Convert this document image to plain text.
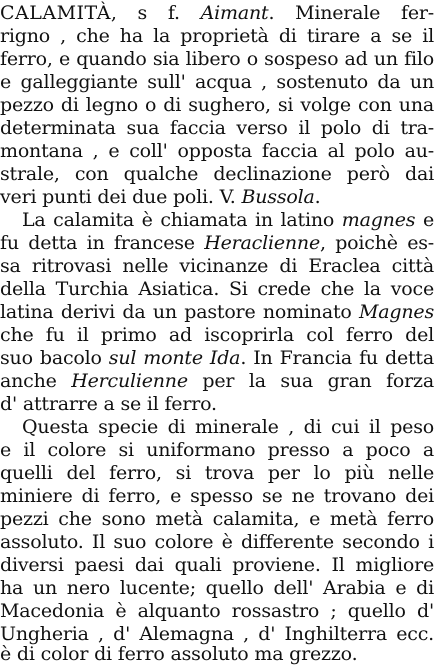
CALAMITÀ, s f. Aimant. Minerale fer-
rigno , che ha la proprietà di tirare a se il
ferro, e quando sia libero o sospeso ad un filo
e galleggiante sull' acqua , sostenuto da un
pezzo di legno o di sughero, si volge con una
determinata sua faccia verso il polo di tra-
montana , e coll' opposta faccia al polo au-
strale, con qualche declinazione però dai
veri punti dei due poli. V. Bussola.
La calamita è chiamata in latino magnes e
fu detta in francese Heraclienne, poichè es-
sa ritrovasi nelle vicinanze di Eraclea città
della Turchia Asiatica. Si crede che la voce
latina derivi da un pastore nominato Magnes
che fu il primo ad iscoprirla col ferro del
suo bacolo sul monte Ida. In Francia fu detta
anche Herculienne per la sua gran forza
d' attrarre a se il ferro.
Questa specie di minerale , di cui il peso
e il colore si uniformano presso a poco a
quelli del ferro, si trova per lo più nelle
miniere di ferro, e spesso se ne trovano dei
pezzi che sono metà calamita, e metà ferro
assoluto. Il suo colore è differente secondo i
diversi paesi dai quali proviene. Il migliore
ha un nero lucente; quello dell' Arabia e di
Macedonia è alquanto rossastro ; quello d'
Ungheria , d' Alemagna , d' Inghilterra ecc.
è di color di ferro assoluto ma grezzo.
